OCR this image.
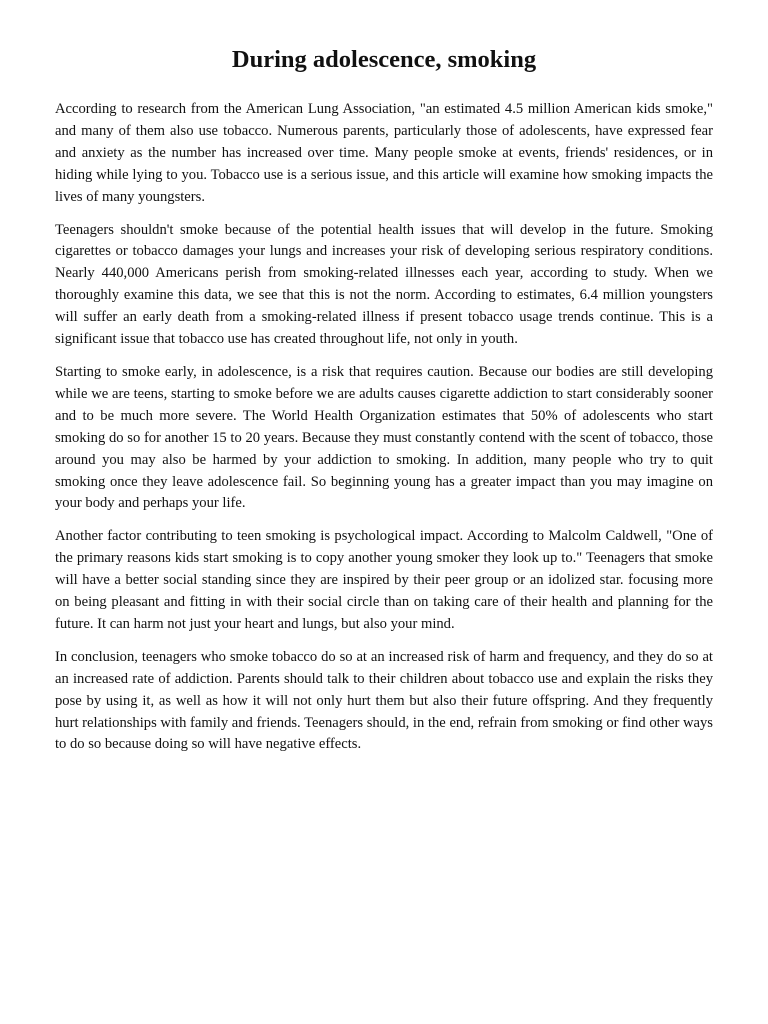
During adolescence, smoking

According to research from the American Lung Association, "an estimated 4.5 million American kids smoke," and many of them also use tobacco. Numerous parents, particularly those of adolescents, have expressed fear and anxiety as the number has increased over time. Many people smoke at events, friends' residences, or in hiding while lying to you. Tobacco use is a serious issue, and this article will examine how smoking impacts the lives of many youngsters.

Teenagers shouldn't smoke because of the potential health issues that will develop in the future. Smoking cigarettes or tobacco damages your lungs and increases your risk of developing serious respiratory conditions. Nearly 440,000 Americans perish from smoking-related illnesses each year, according to study. When we thoroughly examine this data, we see that this is not the norm. According to estimates, 6.4 million youngsters will suffer an early death from a smoking-related illness if present tobacco usage trends continue. This is a significant issue that tobacco use has created throughout life, not only in youth.

Starting to smoke early, in adolescence, is a risk that requires caution. Because our bodies are still developing while we are teens, starting to smoke before we are adults causes cigarette addiction to start considerably sooner and to be much more severe. The World Health Organization estimates that 50% of adolescents who start smoking do so for another 15 to 20 years. Because they must constantly contend with the scent of tobacco, those around you may also be harmed by your addiction to smoking. In addition, many people who try to quit smoking once they leave adolescence fail. So beginning young has a greater impact than you may imagine on your body and perhaps your life.

Another factor contributing to teen smoking is psychological impact. According to Malcolm Caldwell, "One of the primary reasons kids start smoking is to copy another young smoker they look up to." Teenagers that smoke will have a better social standing since they are inspired by their peer group or an idolized star. focusing more on being pleasant and fitting in with their social circle than on taking care of their health and planning for the future. It can harm not just your heart and lungs, but also your mind.

In conclusion, teenagers who smoke tobacco do so at an increased risk of harm and frequency, and they do so at an increased rate of addiction. Parents should talk to their children about tobacco use and explain the risks they pose by using it, as well as how it will not only hurt them but also their future offspring. And they frequently hurt relationships with family and friends. Teenagers should, in the end, refrain from smoking or find other ways to do so because doing so will have negative effects.
